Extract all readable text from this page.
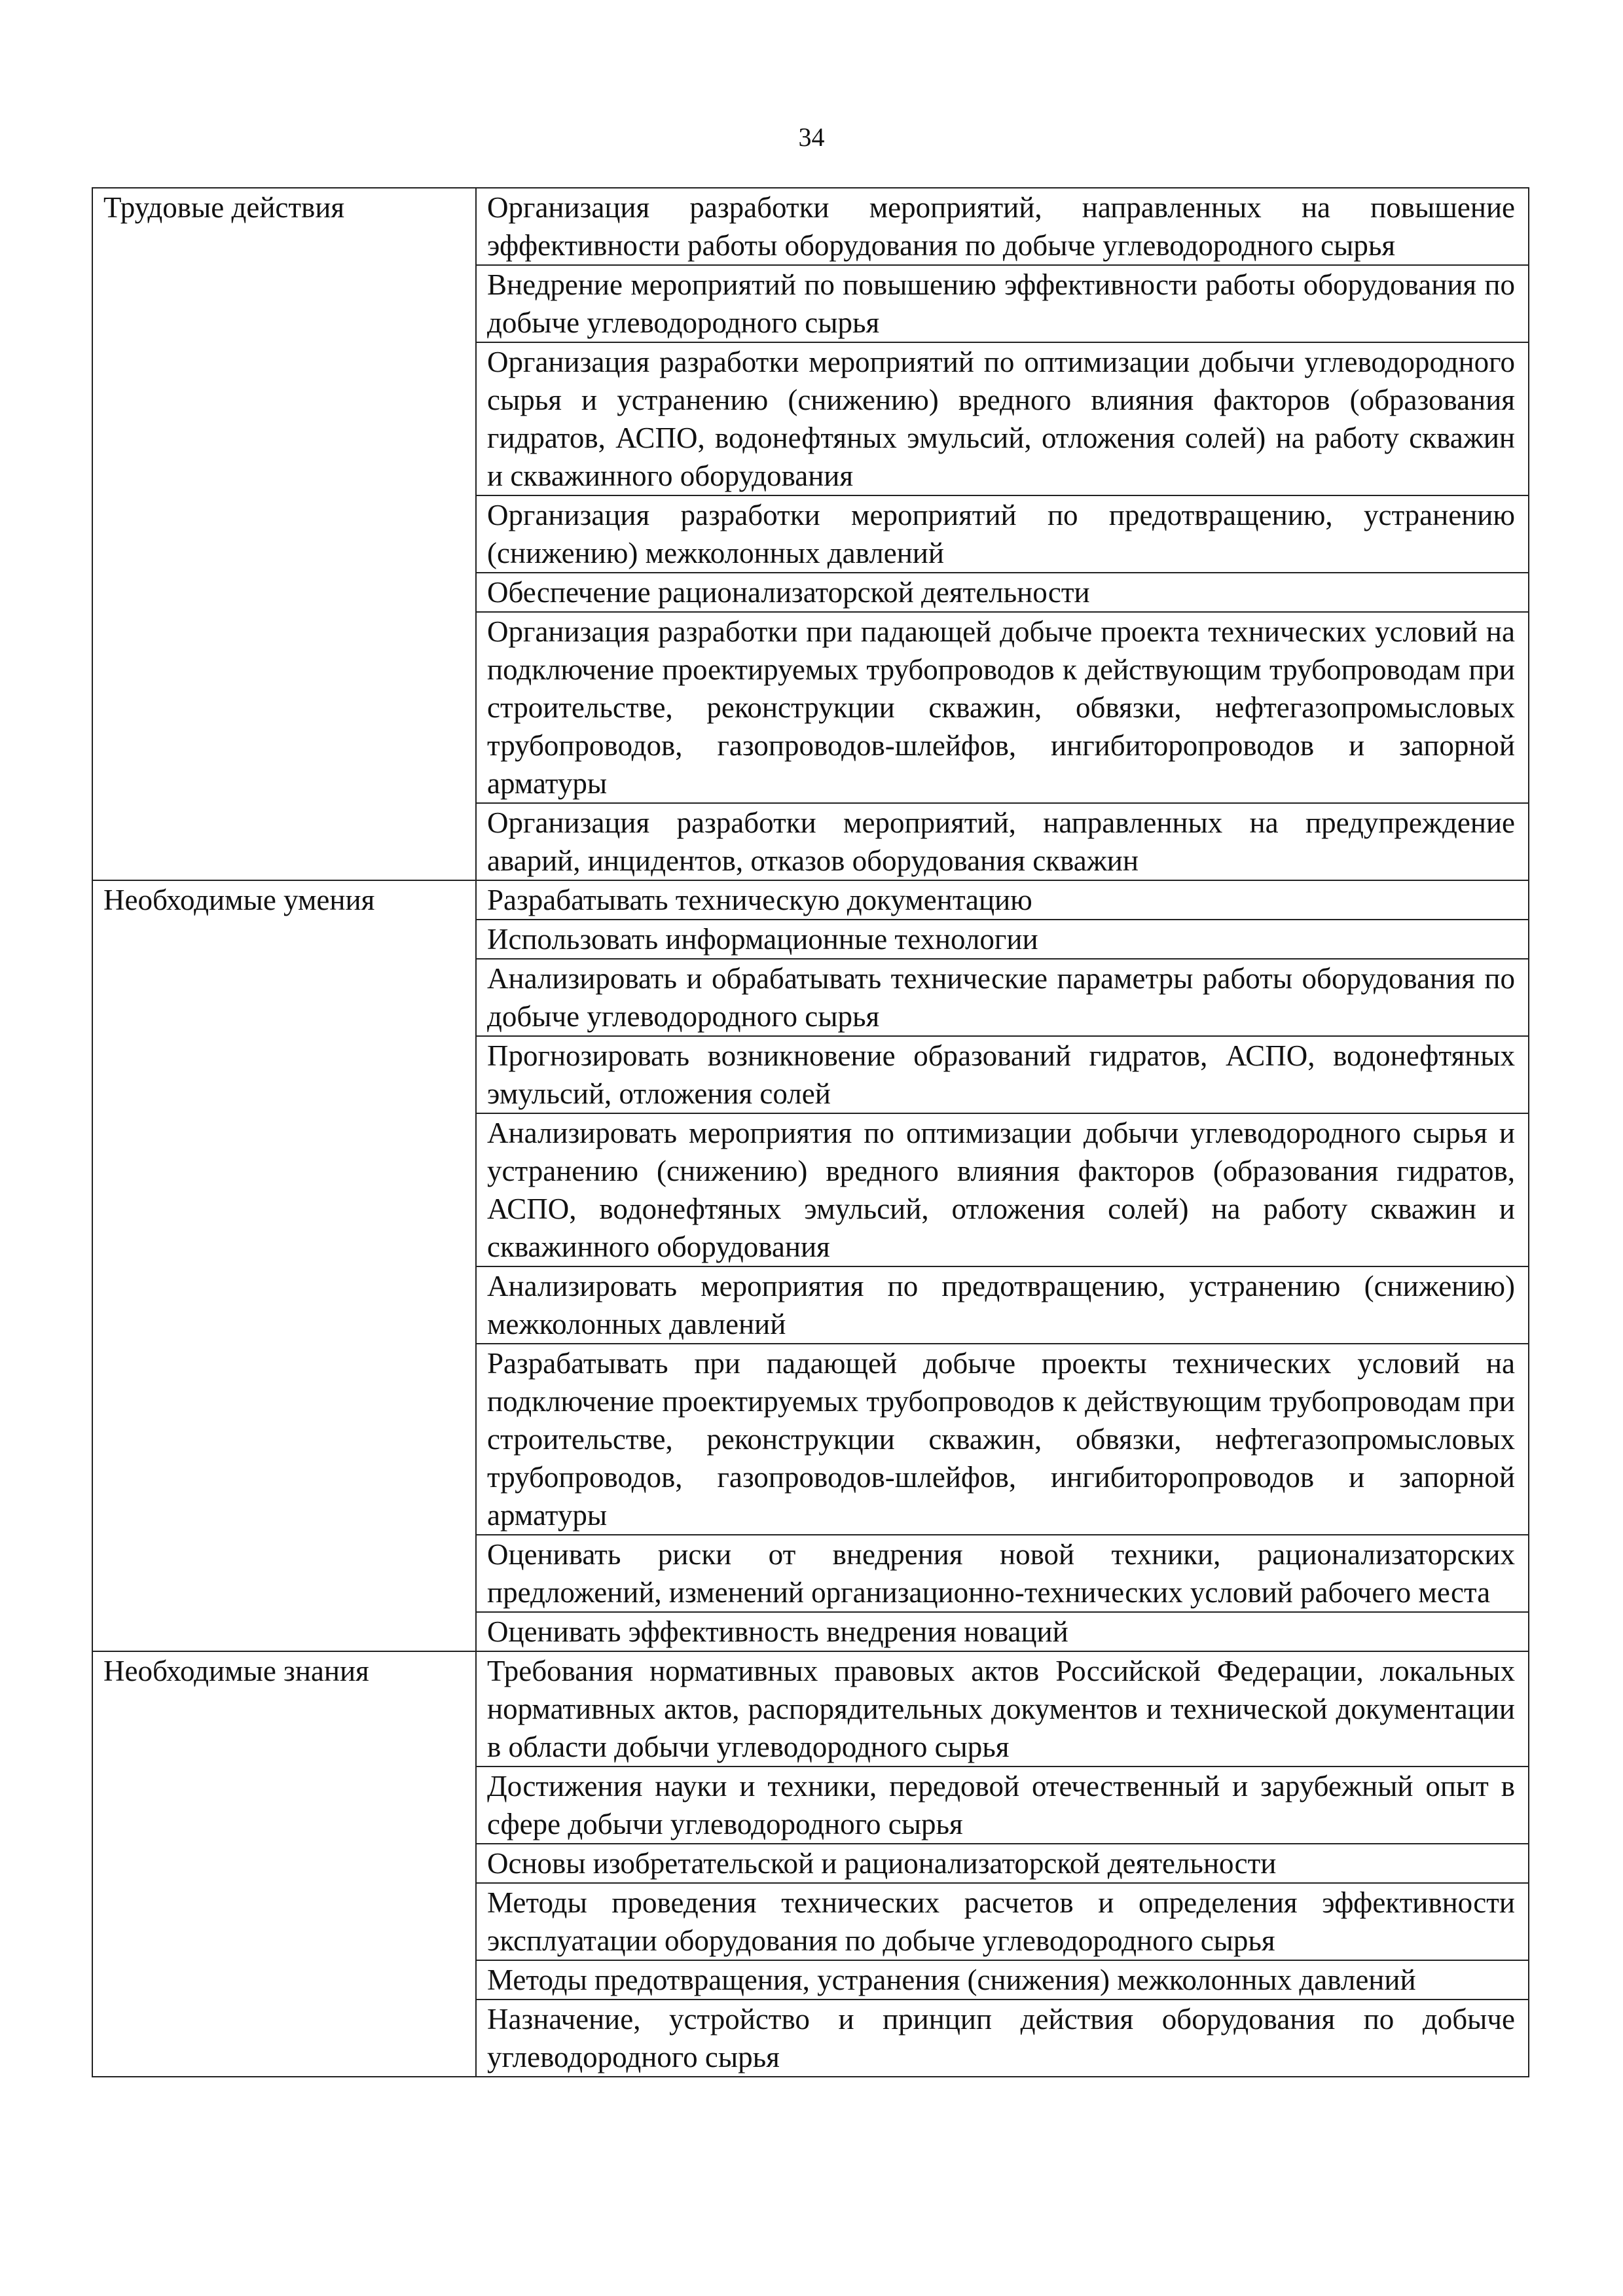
34
Трудовые действия	Организация разработки мероприятий, направленных на повышение эффективности работы оборудования по добыче углеводородного сырья
	Внедрение мероприятий по повышению эффективности работы оборудования по добыче углеводородного сырья
	Организация разработки мероприятий по оптимизации добычи углеводородного сырья и устранению (снижению) вредного влияния факторов (образования гидратов, АСПО, водонефтяных эмульсий, отложения солей) на работу скважин и скважинного оборудования
	Организация разработки мероприятий по предотвращению, устранению (снижению) межколонных давлений
	Обеспечение рационализаторской деятельности
	Организация разработки при падающей добыче проекта технических условий на подключение проектируемых трубопроводов к действующим трубопроводам при строительстве, реконструкции скважин, обвязки, нефтегазопромысловых трубопроводов, газопроводов-шлейфов, ингибиторопроводов и запорной арматуры
	Организация разработки мероприятий, направленных на предупреждение аварий, инцидентов, отказов оборудования скважин
Необходимые умения	Разрабатывать техническую документацию
	Использовать информационные технологии
	Анализировать и обрабатывать технические параметры работы оборудования по добыче углеводородного сырья
	Прогнозировать возникновение образований гидратов, АСПО, водонефтяных эмульсий, отложения солей
	Анализировать мероприятия по оптимизации добычи углеводородного сырья и устранению (снижению) вредного влияния факторов (образования гидратов, АСПО, водонефтяных эмульсий, отложения солей) на работу скважин и скважинного оборудования
	Анализировать мероприятия по предотвращению, устранению (снижению) межколонных давлений
	Разрабатывать при падающей добыче проекты технических условий на подключение проектируемых трубопроводов к действующим трубопроводам при строительстве, реконструкции скважин, обвязки, нефтегазопромысловых трубопроводов, газопроводов-шлейфов, ингибиторопроводов и запорной арматуры
	Оценивать риски от внедрения новой техники, рационализаторских предложений, изменений организационно-технических условий рабочего места
	Оценивать эффективность внедрения новаций
Необходимые знания	Требования нормативных правовых актов Российской Федерации, локальных нормативных актов, распорядительных документов и технической документации в области добычи углеводородного сырья
	Достижения науки и техники, передовой отечественный и зарубежный опыт в сфере добычи углеводородного сырья
	Основы изобретательской и рационализаторской деятельности
	Методы проведения технических расчетов и определения эффективности эксплуатации оборудования по добыче углеводородного сырья
	Методы предотвращения, устранения (снижения) межколонных давлений
	Назначение, устройство и принцип действия оборудования по добыче углеводородного сырья
